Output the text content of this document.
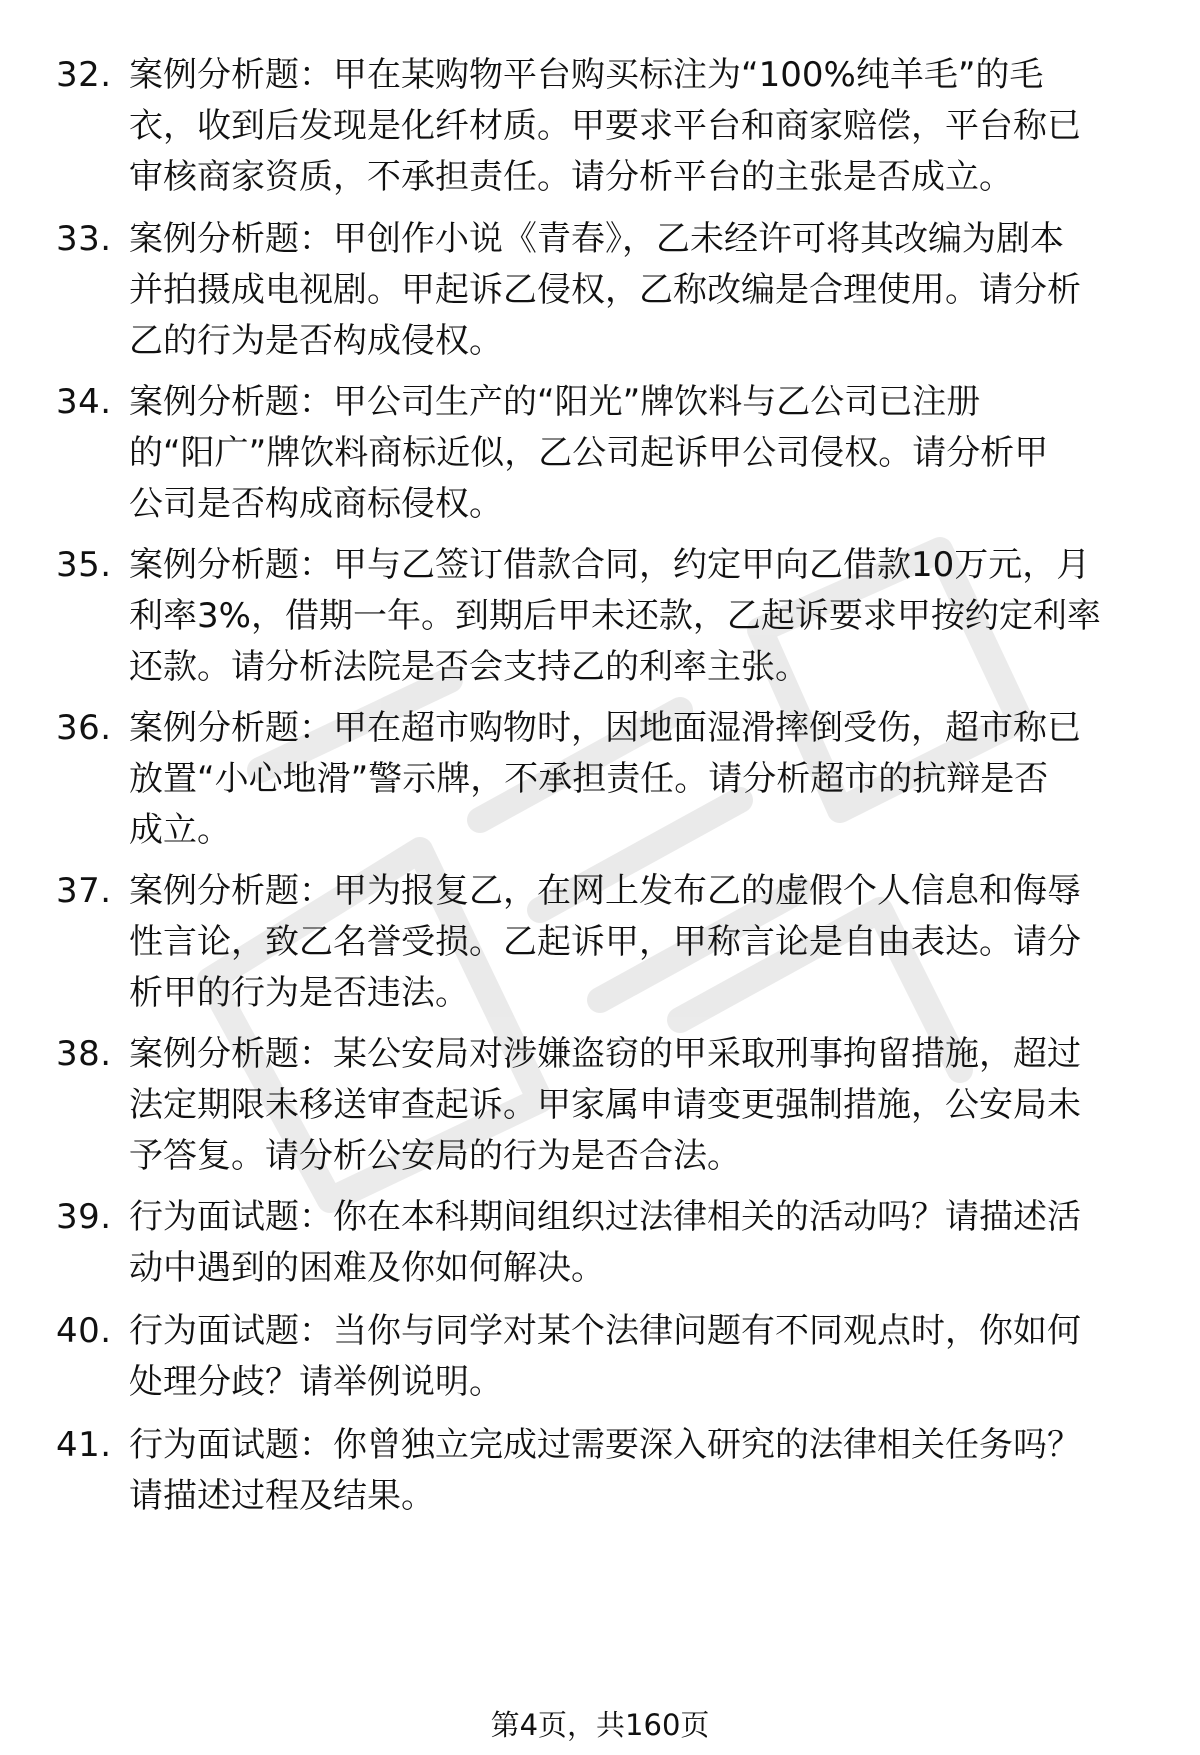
32. 案例分析题：甲在某购物平台购买标注为“100%纯羊毛”的毛
衣，收到后发现是化纤材质。甲要求平台和商家赔偿，平台称已
审核商家资质，不承担责任。请分析平台的主张是否成立。
33. 案例分析题：甲创作小说《青春》，乙未经许可将其改编为剧本
并拍摄成电视剧。甲起诉乙侵权，乙称改编是合理使用。请分析
乙的行为是否构成侵权。
34. 案例分析题：甲公司生产的“阳光”牌饮料与乙公司已注册
的“阳广”牌饮料商标近似，乙公司起诉甲公司侵权。请分析甲
公司是否构成商标侵权。
35. 案例分析题：甲与乙签订借款合同，约定甲向乙借款10万元，月
利率3%，借期一年。到期后甲未还款，乙起诉要求甲按约定利率
还款。请分析法院是否会支持乙的利率主张。
36. 案例分析题：甲在超市购物时，因地面湿滑摔倒受伤，超市称已
放置“小心地滑”警示牌，不承担责任。请分析超市的抗辩是否
成立。
37. 案例分析题：甲为报复乙，在网上发布乙的虚假个人信息和侮辱
性言论，致乙名誉受损。乙起诉甲，甲称言论是自由表达。请分
析甲的行为是否违法。
38. 案例分析题：某公安局对涉嫌盗窃的甲采取刑事拘留措施，超过
法定期限未移送审查起诉。甲家属申请变更强制措施，公安局未
予答复。请分析公安局的行为是否合法。
39. 行为面试题：你在本科期间组织过法律相关的活动吗？请描述活
动中遇到的困难及你如何解决。
40. 行为面试题：当你与同学对某个法律问题有不同观点时，你如何
处理分歧？请举例说明。
41. 行为面试题：你曾独立完成过需要深入研究的法律相关任务吗？
请描述过程及结果。
第4页，共160页
